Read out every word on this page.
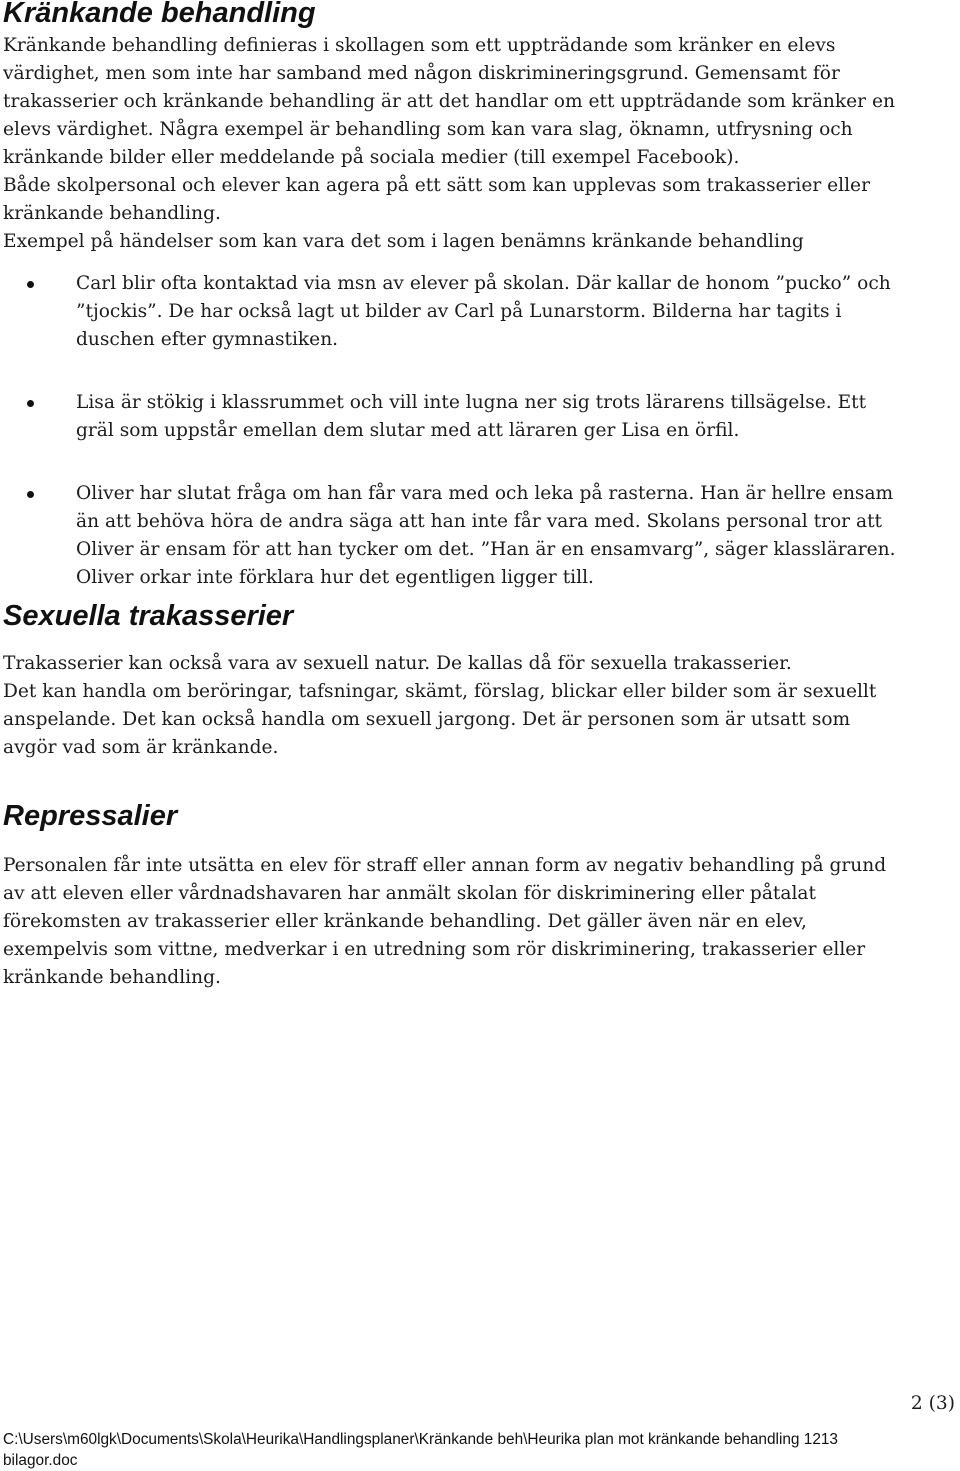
Kränkande behandling

Kränkande behandling definieras i skollagen som ett uppträdande som kränker en elevs värdighet, men som inte har samband med någon diskrimineringsgrund. Gemensamt för trakasserier och kränkande behandling är att det handlar om ett uppträdande som kränker en elevs värdighet. Några exempel är behandling som kan vara slag, öknamn, utfrysning och kränkande bilder eller meddelande på sociala medier (till exempel Facebook).

Både skolpersonal och elever kan agera på ett sätt som kan upplevas som trakasserier eller kränkande behandling.

Exempel på händelser som kan vara det som i lagen benämns kränkande behandling

Carl blir ofta kontaktad via msn av elever på skolan. Där kallar de honom ”pucko” och ”tjockis”. De har också lagt ut bilder av Carl på Lunarstorm. Bilderna har tagits i duschen efter gymnastiken.
Lisa är stökig i klassrummet och vill inte lugna ner sig trots lärarens tillsägelse. Ett gräl som uppstår emellan dem slutar med att läraren ger Lisa en örfil.
Oliver har slutat fråga om han får vara med och leka på rasterna. Han är hellre ensam än att behöva höra de andra säga att han inte får vara med. Skolans personal tror att Oliver är ensam för att han tycker om det. ”Han är en ensamvarg”, säger klassläraren. Oliver orkar inte förklara hur det egentligen ligger till.
Sexuella trakasserier

Trakasserier kan också vara av sexuell natur. De kallas då för sexuella trakasserier.

Det kan handla om beröringar, tafsningar, skämt, förslag, blickar eller bilder som är sexuellt anspelande. Det kan också handla om sexuell jargong. Det är personen som är utsatt som avgör vad som är kränkande.

Repressalier

Personalen får inte utsätta en elev för straff eller annan form av negativ behandling på grund av att eleven eller vårdnadshavaren har anmält skolan för diskriminering eller påtalat förekomsten av trakasserier eller kränkande behandling. Det gäller även när en elev, exempelvis som vittne, medverkar i en utredning som rör diskriminering, trakasserier eller kränkande behandling.

2 (3)
C:\Users\m60lgk\Documents\Skola\Heurika\Handlingsplaner\Kränkande beh\Heurika plan mot kränkande behandling 1213 bilagor.doc
